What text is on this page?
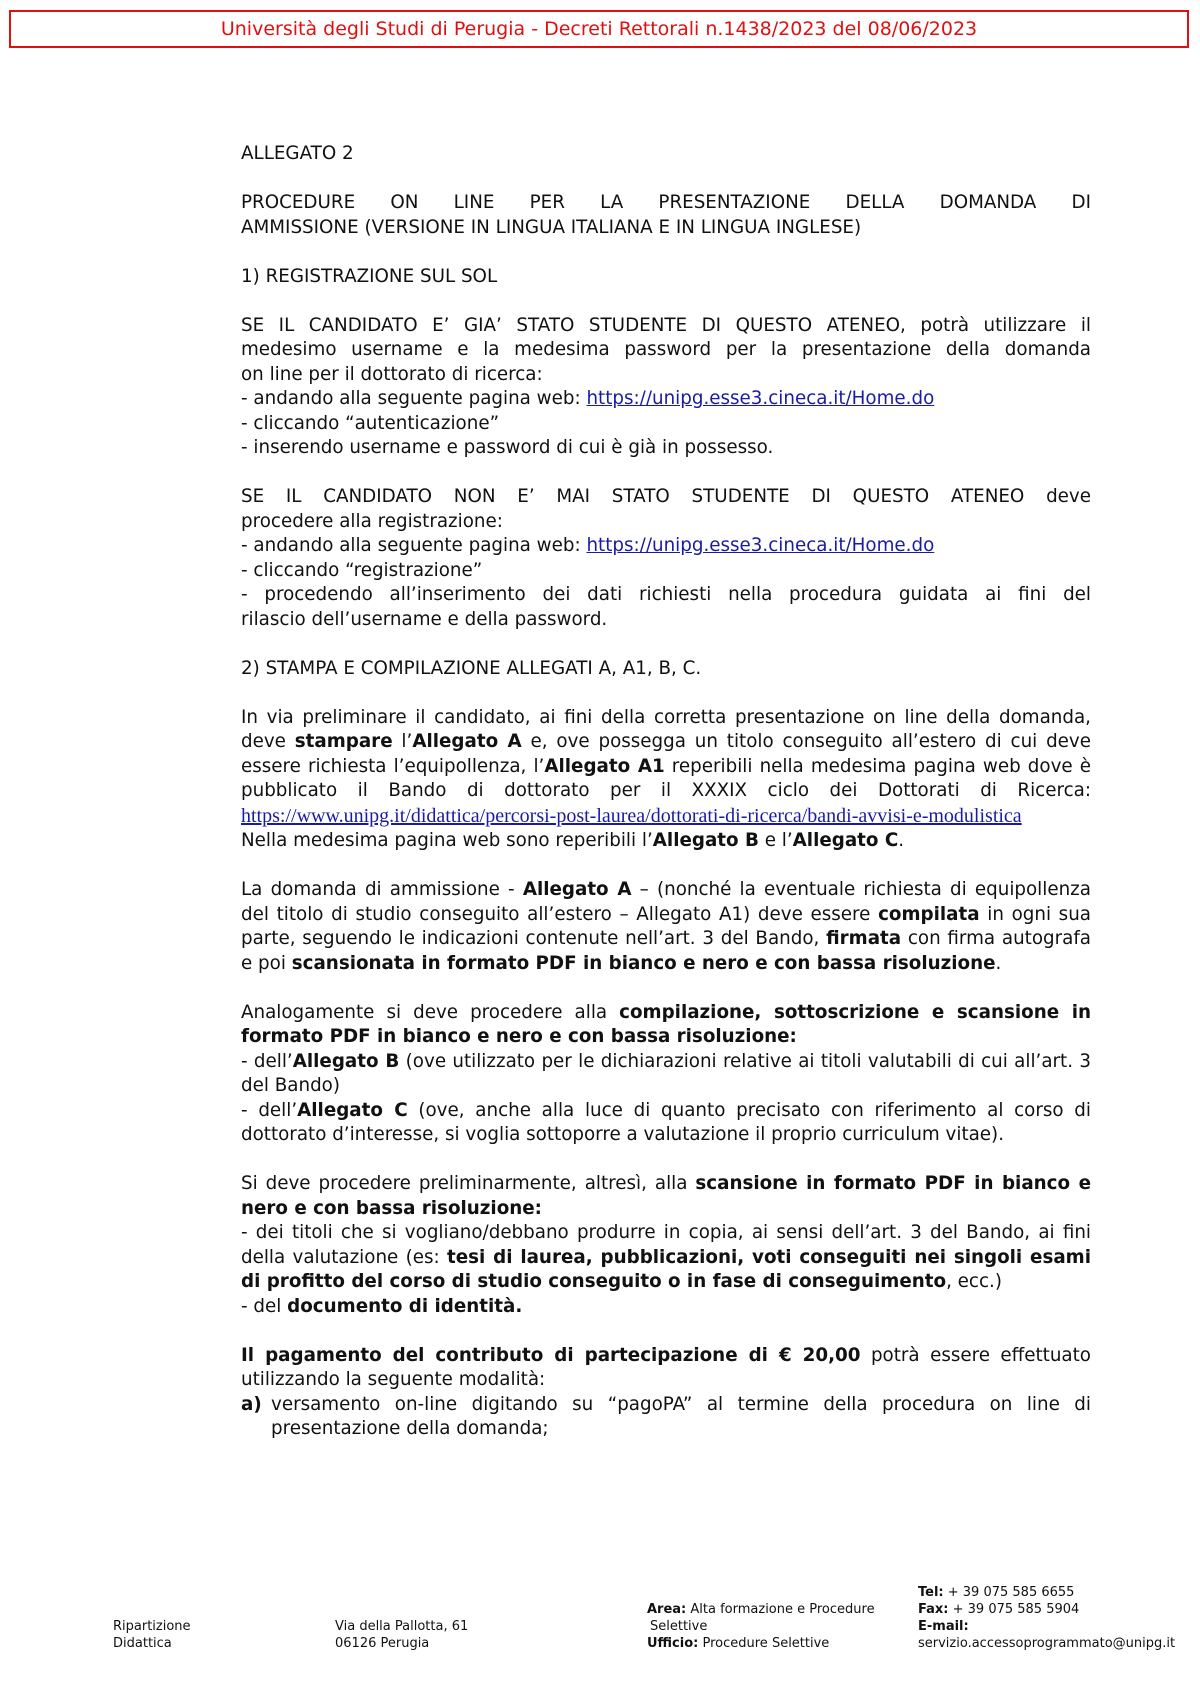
Università degli Studi di Perugia - Decreti Rettorali n.1438/2023 del 08/06/2023

ALLEGATO 2

PROCEDURE ON LINE PER LA PRESENTAZIONE DELLA DOMANDA DI

AMMISSIONE (VERSIONE IN LINGUA ITALIANA E IN LINGUA INGLESE)

1) REGISTRAZIONE SUL SOL

SE IL CANDIDATO E’ GIA’ STATO STUDENTE DI QUESTO ATENEO, potrà utilizzare il

medesimo username e la medesima password per la presentazione della domanda

on line per il dottorato di ricerca:

- andando alla seguente pagina web: https://unipg.esse3.cineca.it/Home.do

- cliccando “autenticazione”

- inserendo username e password di cui è già in possesso.

SE IL CANDIDATO NON E’ MAI STATO STUDENTE DI QUESTO ATENEO deve

procedere alla registrazione:

- andando alla seguente pagina web: https://unipg.esse3.cineca.it/Home.do

- cliccando “registrazione”

- procedendo all’inserimento dei dati richiesti nella procedura guidata ai fini del

rilascio dell’username e della password.

2) STAMPA E COMPILAZIONE ALLEGATI A, A1, B, C.

In via preliminare il candidato, ai fini della corretta presentazione on line della domanda, deve stampare l’Allegato A e, ove possegga un titolo conseguito all’estero di cui deve essere richiesta l’equipollenza, l’Allegato A1 reperibili nella medesima pagina web dove è pubblicato il Bando di dottorato per il XXXIX ciclo dei Dottorati di Ricerca: https://www.unipg.it/didattica/percorsi-post-laurea/dottorati-di-ricerca/bandi-avvisi-e-modulistica

Nella medesima pagina web sono reperibili l’Allegato B e l’Allegato C.

La domanda di ammissione - Allegato A – (nonché la eventuale richiesta di equipollenza del titolo di studio conseguito all’estero – Allegato A1) deve essere compilata in ogni sua parte, seguendo le indicazioni contenute nell’art. 3 del Bando, firmata con firma autografa e poi scansionata in formato PDF in bianco e nero e con bassa risoluzione.

Analogamente si deve procedere alla compilazione, sottoscrizione e scansione in formato PDF in bianco e nero e con bassa risoluzione:

- dell’Allegato B (ove utilizzato per le dichiarazioni relative ai titoli valutabili di cui all’art. 3 del Bando)

- dell’Allegato C (ove, anche alla luce di quanto precisato con riferimento al corso di dottorato d’interesse, si voglia sottoporre a valutazione il proprio curriculum vitae).

Si deve procedere preliminarmente, altresì, alla scansione in formato PDF in bianco e nero e con bassa risoluzione:

- dei titoli che si vogliano/debbano produrre in copia, ai sensi dell’art. 3 del Bando, ai fini della valutazione (es: tesi di laurea, pubblicazioni, voti conseguiti nei singoli esami di profitto del corso di studio conseguito o in fase di conseguimento, ecc.)

- del documento di identità.

Il pagamento del contributo di partecipazione di € 20,00 potrà essere effettuato utilizzando la seguente modalità:

a) versamento on-line digitando su “pagoPA” al termine della procedura on line di presentazione della domanda;
Ripartizione
Didattica
Via della Pallotta, 61
06126 Perugia
Area: Alta formazione e Procedure
Selettive
Ufficio: Procedure Selettive
Tel: + 39 075 585 6655
Fax: + 39 075 585 5904
E-mail:
servizio.accessoprogrammato@unipg.it
